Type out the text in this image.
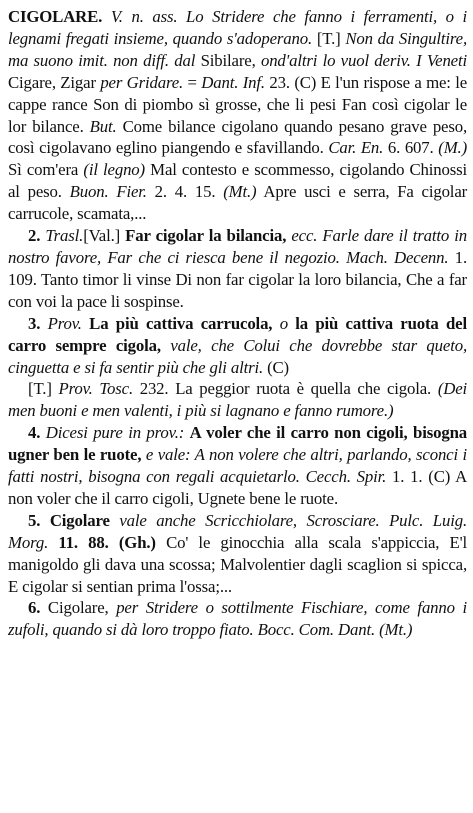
CIGOLARE. V. n. ass. Lo Stridere che fanno i ferramenti, o i legnami fregati insieme, quando s'adoperano. [T.] Non da Singultire, ma suono imit. non diff. dal Sibilare, ond'altri lo vuol deriv. I Veneti Cigare, Zigar per Gridare. = Dant. Inf. 23. (C) E l'un rispose a me: le cappe rance Son di piombo sì grosse, che li pesi Fan così cigolar le lor bilance. But. Come bilance cigolano quando pesano grave peso, così cigolavano eglino piangendo e sfavillando. Car. En. 6. 607. (M.) Sì com'era (il legno) Mal contesto e scommesso, cigolando Chinossi al peso. Buon. Fier. 2. 4. 15. (Mt.) Apre usci e serra, Fa cigolar carrucole, scamata,...

2. Trasl.[Val.] Far cigolar la bilancia, ecc. Farle dare il tratto in nostro favore, Far che ci riesca bene il negozio. Mach. Decenn. 1. 109. Tanto timor li vinse Di non far cigolar la loro bilancia, Che a far con voi la pace li sospinse.

3. Prov. La più cattiva carrucola, o la più cattiva ruota del carro sempre cigola, vale, che Colui che dovrebbe star queto, cinguetta e si fa sentir più che gli altri. (C)

[T.] Prov. Tosc. 232. La peggior ruota è quella che cigola. (Dei men buoni e men valenti, i più si lagnano e fanno rumore.)

4. Dicesi pure in prov.: A voler che il carro non cigoli, bisogna ugner ben le ruote, e vale: A non volere che altri, parlando, sconci i fatti nostri, bisogna con regali acquietarlo. Cecch. Spir. 1. 1. (C) A non voler che il carro cigoli, Ugnete bene le ruote.

5. Cigolare vale anche Scricchiolare, Scrosciare. Pulc. Luig. Morg. 11. 88. (Gh.) Co' le ginocchia alla scala s'appiccia, E'l manigoldo gli dava una scossa; Malvolentier dagli scaglion si spicca, E cigolar si sentian prima l'ossa;...

6. Cigolare, per Stridere o sottilmente Fischiare, come fanno i zufoli, quando si dà loro troppo fiato. Bocc. Com. Dant. (Mt.)
